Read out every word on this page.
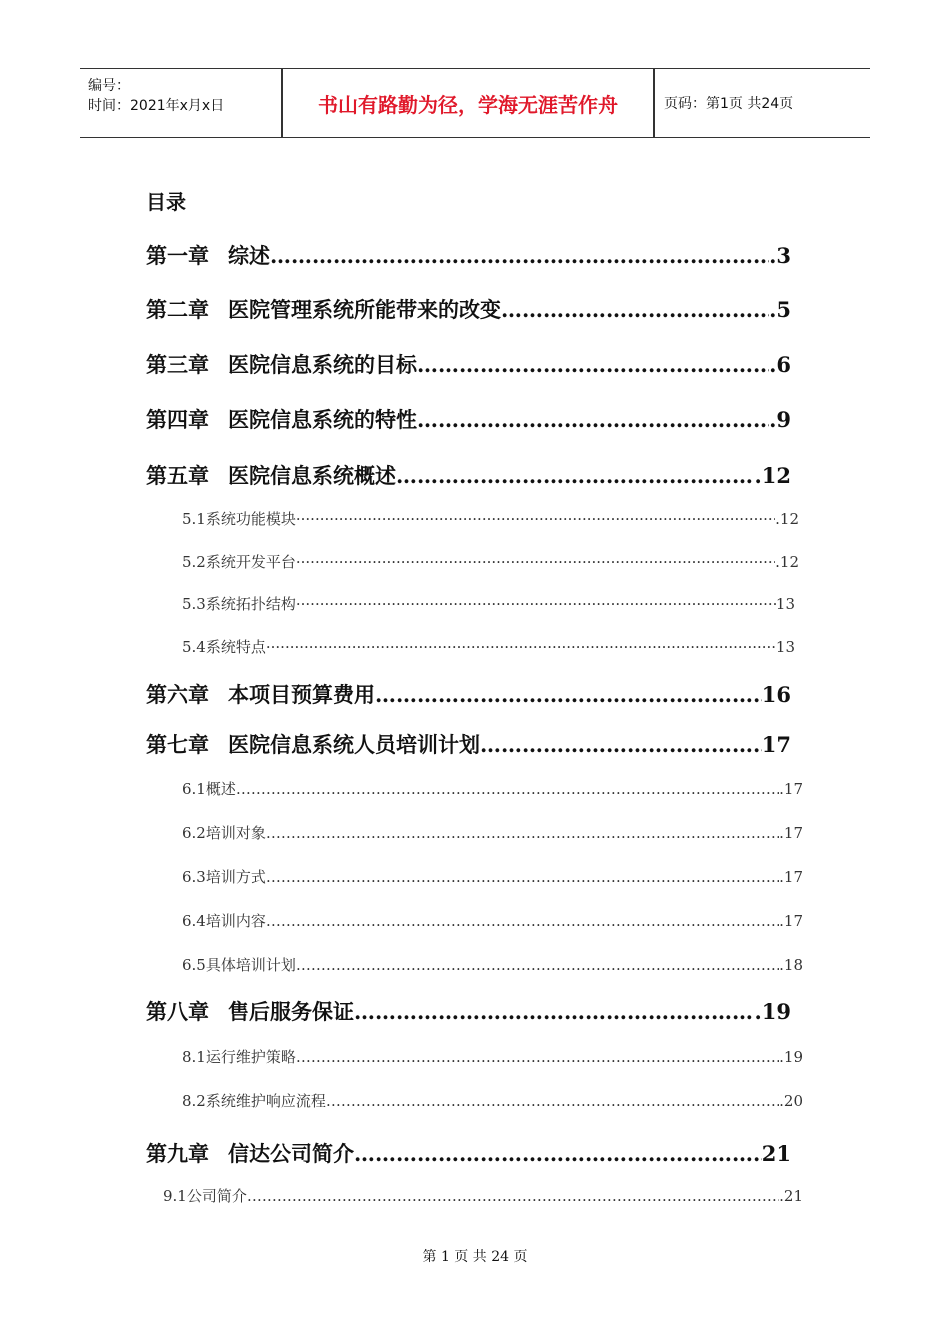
编号：
时间：2021年x月x日	书山有路勤为径，学海无涯苦作舟	页码：第1页 共24页
目录
第一章 综述 ……………………………………………………………………………………………………………………	.3
第二章 医院管理系统所能带来的改变 ……………………………………………………………………………………………………………………	.5
第三章 医院信息系统的目标 ……………………………………………………………………………………………………………………	.6
第四章 医院信息系统的特性 ……………………………………………………………………………………………………………………	.9
第五章 医院信息系统概述 ……………………………………………………………………………………………………………………	.12
5.1 系统功能模块 ·····	.12
5.2 系统开发平台 ·····	.12
5.3 系统拓扑结构 ·····	13
5.4 系统特点 ·····	13
第六章 本项目预算费用 ……………………………………………………………………………………………………………………	16
第七章 医院信息系统人员培训计划 ……………………………………………………………………………………………………………………	17
6.1 概述 …………………………………………………………………………………………………………………………………………………………………………………………	.17
6.2 培训对象 …………………………………………………………………………………………………………………………………………………………………………………………	.17
6.3 培训方式 …………………………………………………………………………………………………………………………………………………………………………………………	.17
6.4 培训内容 …………………………………………………………………………………………………………………………………………………………………………………………	.17
6.5 具体培训计划 …………………………………………………………………………………………………………………………………………………………………………………………	.18
第八章 售后服务保证 ……………………………………………………………………………………………………………………	.19
8.1 运行维护策略 …………………………………………………………………………………………………………………………………………………………………………………………	.19
8.2 系统维护响应流程 …………………………………………………………………………………………………………………………………………………………………………………………	.20
第九章 信达公司简介 ……………………………………………………………………………………………………………………	21
9.1 公司简介 …………………………………………………………………………………………………………………………………………………………………………………………	.21
第 1 页 共 24 页
